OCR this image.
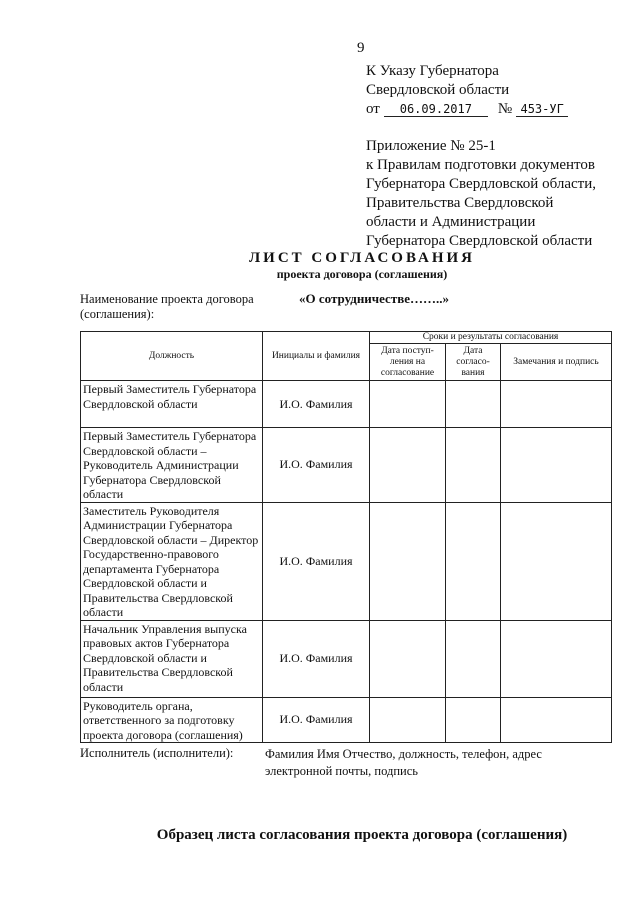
9
К Указу Губернатора
Свердловской области
от	06.09.2017	№ 453-УГ
Приложение № 25-1
к Правилам подготовки документов
Губернатора Свердловской области,
Правительства Свердловской
области и Администрации
Губернатора Свердловской области
ЛИСТ СОГЛАСОВАНИЯ
проекта договора (соглашения)
Наименование проекта договора (соглашения):
«О сотрудничестве……..»
Должность	Инициалы и фамилия	Сроки и результаты согласования		
		Дата поступ-ления на согласование	Дата согласо-вания	Замечания и подпись
Первый Заместитель Губернатора Свердловской области	И.О. Фамилия			
Первый Заместитель Губернатора Свердловской области – Руководитель Администрации Губернатора Свердловской области	И.О. Фамилия			
Заместитель Руководителя Администрации Губернатора Свердловской области – Директор Государственно-правового департамента Губернатора Свердловской области и Правительства Свердловской области	И.О. Фамилия			
Начальник Управления выпуска правовых актов Губернатора Свердловской области и Правительства Свердловской области	И.О. Фамилия			
Руководитель органа, ответственного за подготовку проекта договора (соглашения)	И.О. Фамилия			
Исполнитель (исполнители):	Фамилия Имя Отчество, должность, телефон, адрес электронной почты, подпись
Образец листа согласования проекта договора (соглашения)
